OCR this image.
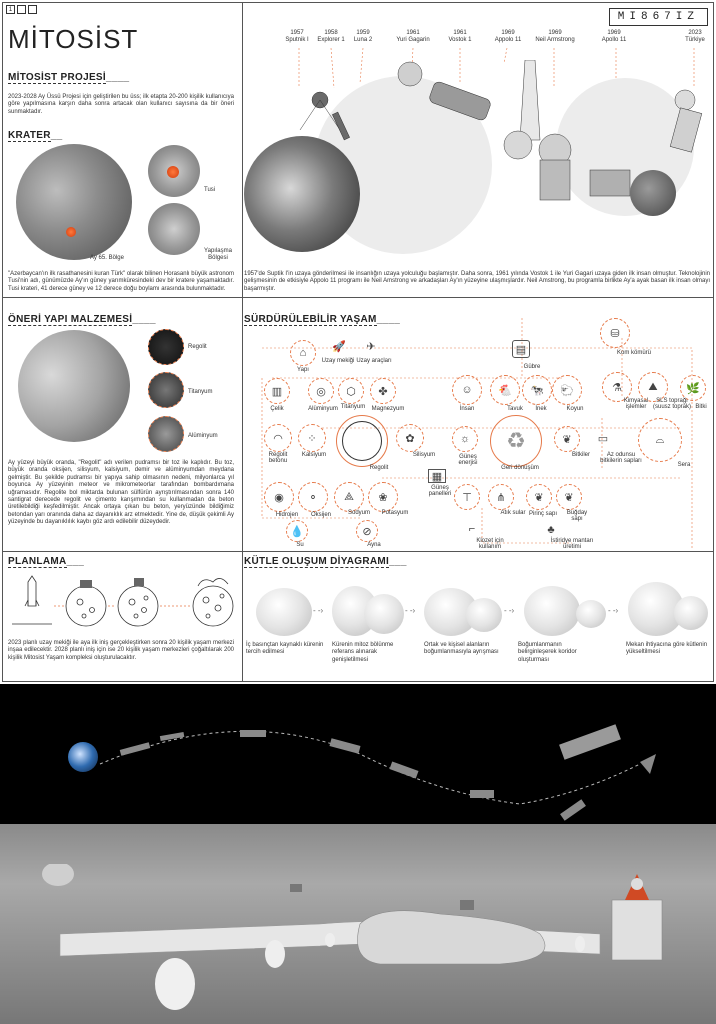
1
MİTOSİST
MI867IZ
MİTOSİST PROJESİ____
2023-2028 Ay Üssü Projesi için geliştirilen bu üss; ilk etapta 20-200 kişilik kullanıcıya göre yapılmasına karşın daha sonra artacak olan kullanıcı sayısına da bir öneri sunmaktadır.
KRATER__
Tusi
Yapılaşma Bölgesi
Ay 65. Bölge
"Azerbaycan'ın ilk rasathanesini kuran Türk" olarak bilinen Horasanlı büyük astronom Tusi'nin adı, günümüzde Ay'ın güney yarımküresindeki dev bir kratere yaşamaktadır. Tusi krateri, 41 derece güney ve 12 derece doğu boylamı arasında bulunmaktadır.
1957
Sputnik I
1958
Explorer 1
1959
Luna 2
1961
Yuri Gagarin
1961
Vostok 1
1969
Appolo 11
1969
Neil Armstrong
1969
Apollo 11
2023
Türkiye
1957'de Suptik I'in uzaya gönderilmesi ile insanlığın uzaya yolculuğu başlamıştır. Daha sonra, 1961 yılında Vostok 1 ile Yuri Gagari uzaya giden ilk insan olmuştur. Teknolojinin gelişmesinin de etkisiyle Appolo 11 programı ile Neil Amstrong ve arkadaşları Ay'ın yüzeyine ulaşmışlardır. Neil Amstrong, bu programla birlikte Ay'a ayak basan ilk insan olmayı başarmıştır.
ÖNERİ YAPI MALZEMESİ____
Regolit
Titanyum
Alüminyum
Ay yüzeyi büyük oranda, "Regolit" adı verilen pudramsı bir toz ile kaplıdır. Bu toz, büyük oranda oksijen, silisyum, kalsiyum, demir ve alüminyumdan meydana gelmiştir. Bu şekilde pudramsı bir yapıya sahip olmasının nedeni, milyonlarca yıl boyunca Ay yüzeyinin meteor ve mikrometeorlar tarafından bombardımana uğramasıdır. Regolite bol miktarda bulunan sülfürün ayrıştırılmasından sonra 140 santigrat derecede regolit ve çimento karışımından su kullanmadan da beton üretilebildiği keşfedilmiştir. Ancak ortaya çıkan bu beton, yeryüzünde bildiğimiz betondan yarı oranında daha az dayanıklık arz etmektedir. Yine de, düşük çekimli Ay yüzeyinde bu dayanıklılık kaybı göz ardı edilebilir düzeydedir.
PLANLAMA___
2023 planlı uzay mekiği ile aya ilk iniş gerçekleştirken sonra 20 kişilik yaşam merkezi inşaa edilecektir. 2028 planlı iniş için ise 20 kişilik yaşam merkezleri çoğaltılarak 200 kişilik Mitosist Yaşam kompleksi oluşturulacaktır.
SÜRDÜRÜLEBİLİR YAŞAM____
⌂
Yapı
🚀
Uzay mekiği
✈
Uzay araçları
▤
Gübre
⛁
Kom kömürü
▥
Çelik
◎
Alüminyum
⬡
Titanyum
✤
Magnezyum
☺
İnsan
🐔
Tavuk
🐄
İnek
🐑
Koyun
⚗
Kimyasal işlemler
⛰
SLS toprağı (suusz toprak)
🌿
Bitki
◠
Regolit betonu
⁘
Kalsiyum
Regolit
✿
Silisyum
☼
Güneş enerjisi
♻
Geri dönüşüm
❦
Bitkiler
▭
Az odunsu bitkilerin sapları
⌓
Sera
▦
Güneş panelleri
◉
Hidrojen
⚬
Oksijen
⟁
Sodyum
❀
Potasyum
⊤	⋔
Atık sular
❦
Pirinç sapı
❦
Buğday sapı
💧
Su
⊘
Ayna
⌐
Klozet için kullanım
♣
İstiridye mantarı üretimi
KÜTLE OLUŞUM DİYAGRAMI___
- -›	- -›	- -›	- -›
İç basınçtan kaynaklı kürenin tercih edilmesi
Kürenin mitoz bölünme referans alınarak genişletilmesi
Ortak ve kişisel alanların boğumlanmasıyla ayrışması
Boğumlanmanın belirginleşerek koridor oluşturması
Mekan ihtiyacına göre kütlenin yükseltilmesi
